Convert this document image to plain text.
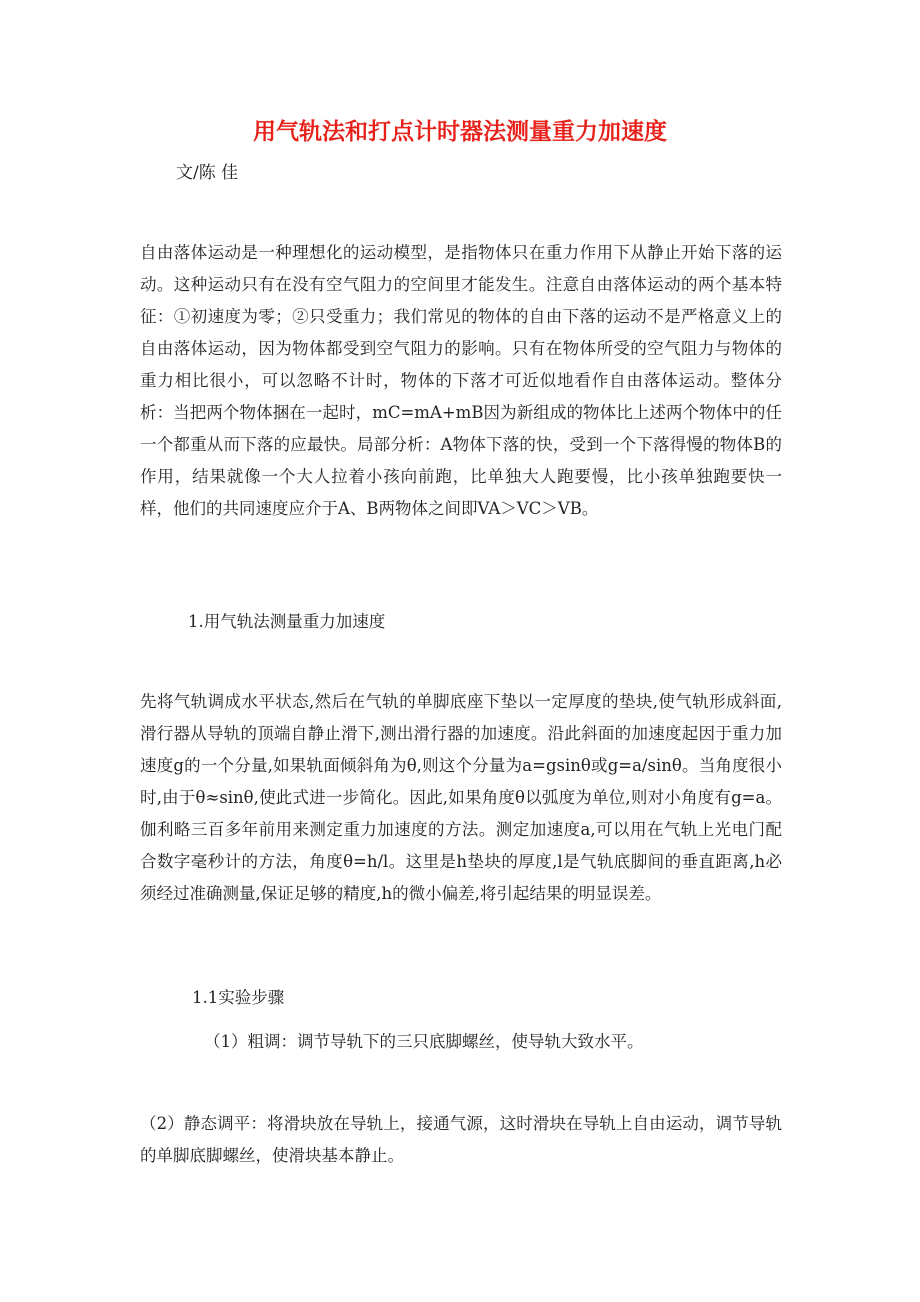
用气轨法和打点计时器法测量重力加速度

文/陈 佳

自由落体运动是一种理想化的运动模型，是指物体只在重力作用下从静止开始下落的运动。这种运动只有在没有空气阻力的空间里才能发生。注意自由落体运动的两个基本特征：①初速度为零；②只受重力；我们常见的物体的自由下落的运动不是严格意义上的自由落体运动，因为物体都受到空气阻力的影响。只有在物体所受的空气阻力与物体的重力相比很小，可以忽略不计时，物体的下落才可近似地看作自由落体运动。整体分析：当把两个物体捆在一起时，mC=mA+mB因为新组成的物体比上述两个物体中的任一个都重从而下落的应最快。局部分析：A物体下落的快，受到一个下落得慢的物体B的作用，结果就像一个大人拉着小孩向前跑，比单独大人跑要慢，比小孩单独跑要快一样，他们的共同速度应介于A、B两物体之间即VA＞VC＞VB。

1.用气轨法测量重力加速度

先将气轨调成水平状态,然后在气轨的单脚底座下垫以一定厚度的垫块,使气轨形成斜面,滑行器从导轨的顶端自静止滑下,测出滑行器的加速度。沿此斜面的加速度起因于重力加速度g的一个分量,如果轨面倾斜角为θ,则这个分量为a=gsinθ或g=a/sinθ。当角度很小时,由于θ≈sinθ,使此式进一步简化。因此,如果角度θ以弧度为单位,则对小角度有g=a。伽利略三百多年前用来测定重力加速度的方法。测定加速度a,可以用在气轨上光电门配合数字毫秒计的方法，角度θ=h/l。这里是h垫块的厚度,l是气轨底脚间的垂直距离,h必须经过准确测量,保证足够的精度,h的微小偏差,将引起结果的明显误差。

1.1实验步骤

（1）粗调：调节导轨下的三只底脚螺丝，使导轨大致水平。

（2）静态调平：将滑块放在导轨上，接通气源，这时滑块在导轨上自由运动，调节导轨的单脚底脚螺丝，使滑块基本静止。
